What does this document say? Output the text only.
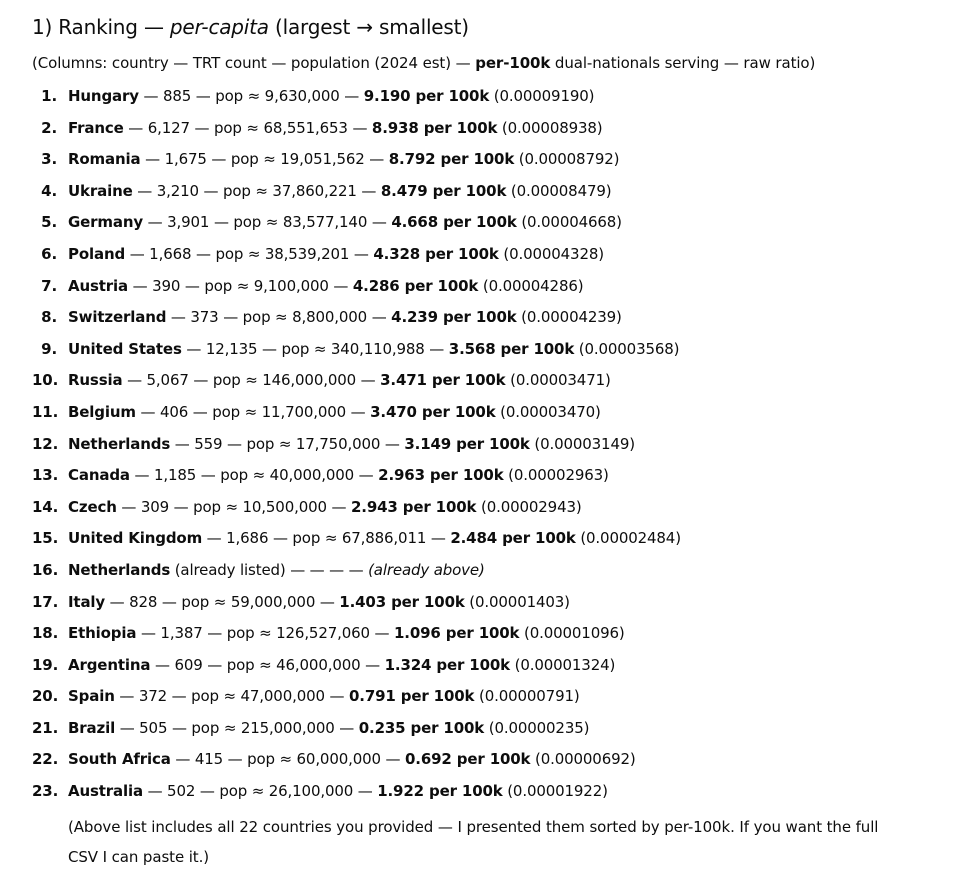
1) Ranking — per-capita (largest → smallest)
(Columns: country — TRT count — population (2024 est) — per-100k dual-nationals serving — raw ratio)
1. Hungary — 885 — pop ≈ 9,630,000 — 9.190 per 100k (0.00009190)
2. France — 6,127 — pop ≈ 68,551,653 — 8.938 per 100k (0.00008938)
3. Romania — 1,675 — pop ≈ 19,051,562 — 8.792 per 100k (0.00008792)
4. Ukraine — 3,210 — pop ≈ 37,860,221 — 8.479 per 100k (0.00008479)
5. Germany — 3,901 — pop ≈ 83,577,140 — 4.668 per 100k (0.00004668)
6. Poland — 1,668 — pop ≈ 38,539,201 — 4.328 per 100k (0.00004328)
7. Austria — 390 — pop ≈ 9,100,000 — 4.286 per 100k (0.00004286)
8. Switzerland — 373 — pop ≈ 8,800,000 — 4.239 per 100k (0.00004239)
9. United States — 12,135 — pop ≈ 340,110,988 — 3.568 per 100k (0.00003568)
10. Russia — 5,067 — pop ≈ 146,000,000 — 3.471 per 100k (0.00003471)
11. Belgium — 406 — pop ≈ 11,700,000 — 3.470 per 100k (0.00003470)
12. Netherlands — 559 — pop ≈ 17,750,000 — 3.149 per 100k (0.00003149)
13. Canada — 1,185 — pop ≈ 40,000,000 — 2.963 per 100k (0.00002963)
14. Czech — 309 — pop ≈ 10,500,000 — 2.943 per 100k (0.00002943)
15. United Kingdom — 1,686 — pop ≈ 67,886,011 — 2.484 per 100k (0.00002484)
16. Netherlands (already listed) — — — — (already above)
17. Italy — 828 — pop ≈ 59,000,000 — 1.403 per 100k (0.00001403)
18. Ethiopia — 1,387 — pop ≈ 126,527,060 — 1.096 per 100k (0.00001096)
19. Argentina — 609 — pop ≈ 46,000,000 — 1.324 per 100k (0.00001324)
20. Spain — 372 — pop ≈ 47,000,000 — 0.791 per 100k (0.00000791)
21. Brazil — 505 — pop ≈ 215,000,000 — 0.235 per 100k (0.00000235)
22. South Africa — 415 — pop ≈ 60,000,000 — 0.692 per 100k (0.00000692)
23. Australia — 502 — pop ≈ 26,100,000 — 1.922 per 100k (0.00001922)
(Above list includes all 22 countries you provided — I presented them sorted by per-100k. If you want the full CSV I can paste it.)
